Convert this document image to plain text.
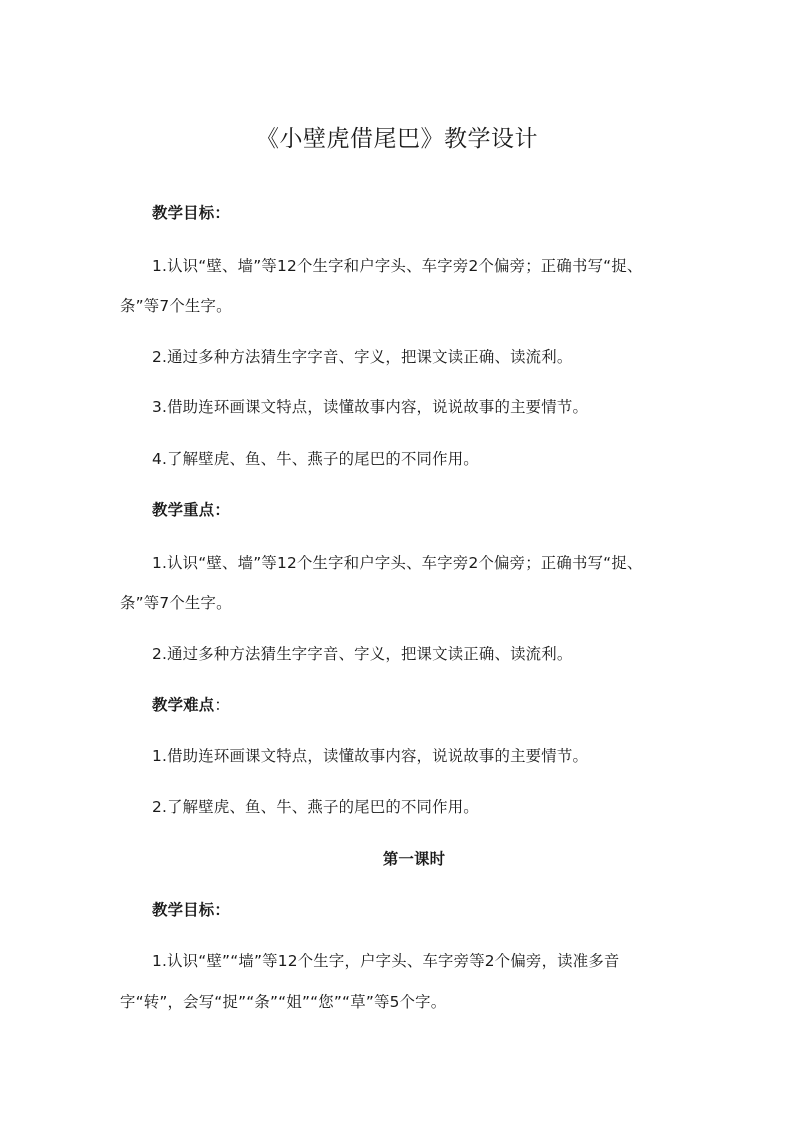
《小壁虎借尾巴》教学设计
教学目标：
1.认识“壁、墙”等12个生字和户字头、车字旁2个偏旁；正确书写“捉、
条”等7个生字。
2.通过多种方法猜生字字音、字义，把课文读正确、读流利。
3.借助连环画课文特点，读懂故事内容，说说故事的主要情节。
4.了解壁虎、鱼、牛、燕子的尾巴的不同作用。
教学重点：
1.认识“壁、墙”等12个生字和户字头、车字旁2个偏旁；正确书写“捉、
条”等7个生字。
2.通过多种方法猜生字字音、字义，把课文读正确、读流利。
教学难点：
1.借助连环画课文特点，读懂故事内容，说说故事的主要情节。
2.了解壁虎、鱼、牛、燕子的尾巴的不同作用。
第一课时
教学目标：
1.认识“壁”“墙”等12个生字，户字头、车字旁等2个偏旁，读准多音
字“转”，会写“捉”“条”“姐”“您”“草”等5个字。
